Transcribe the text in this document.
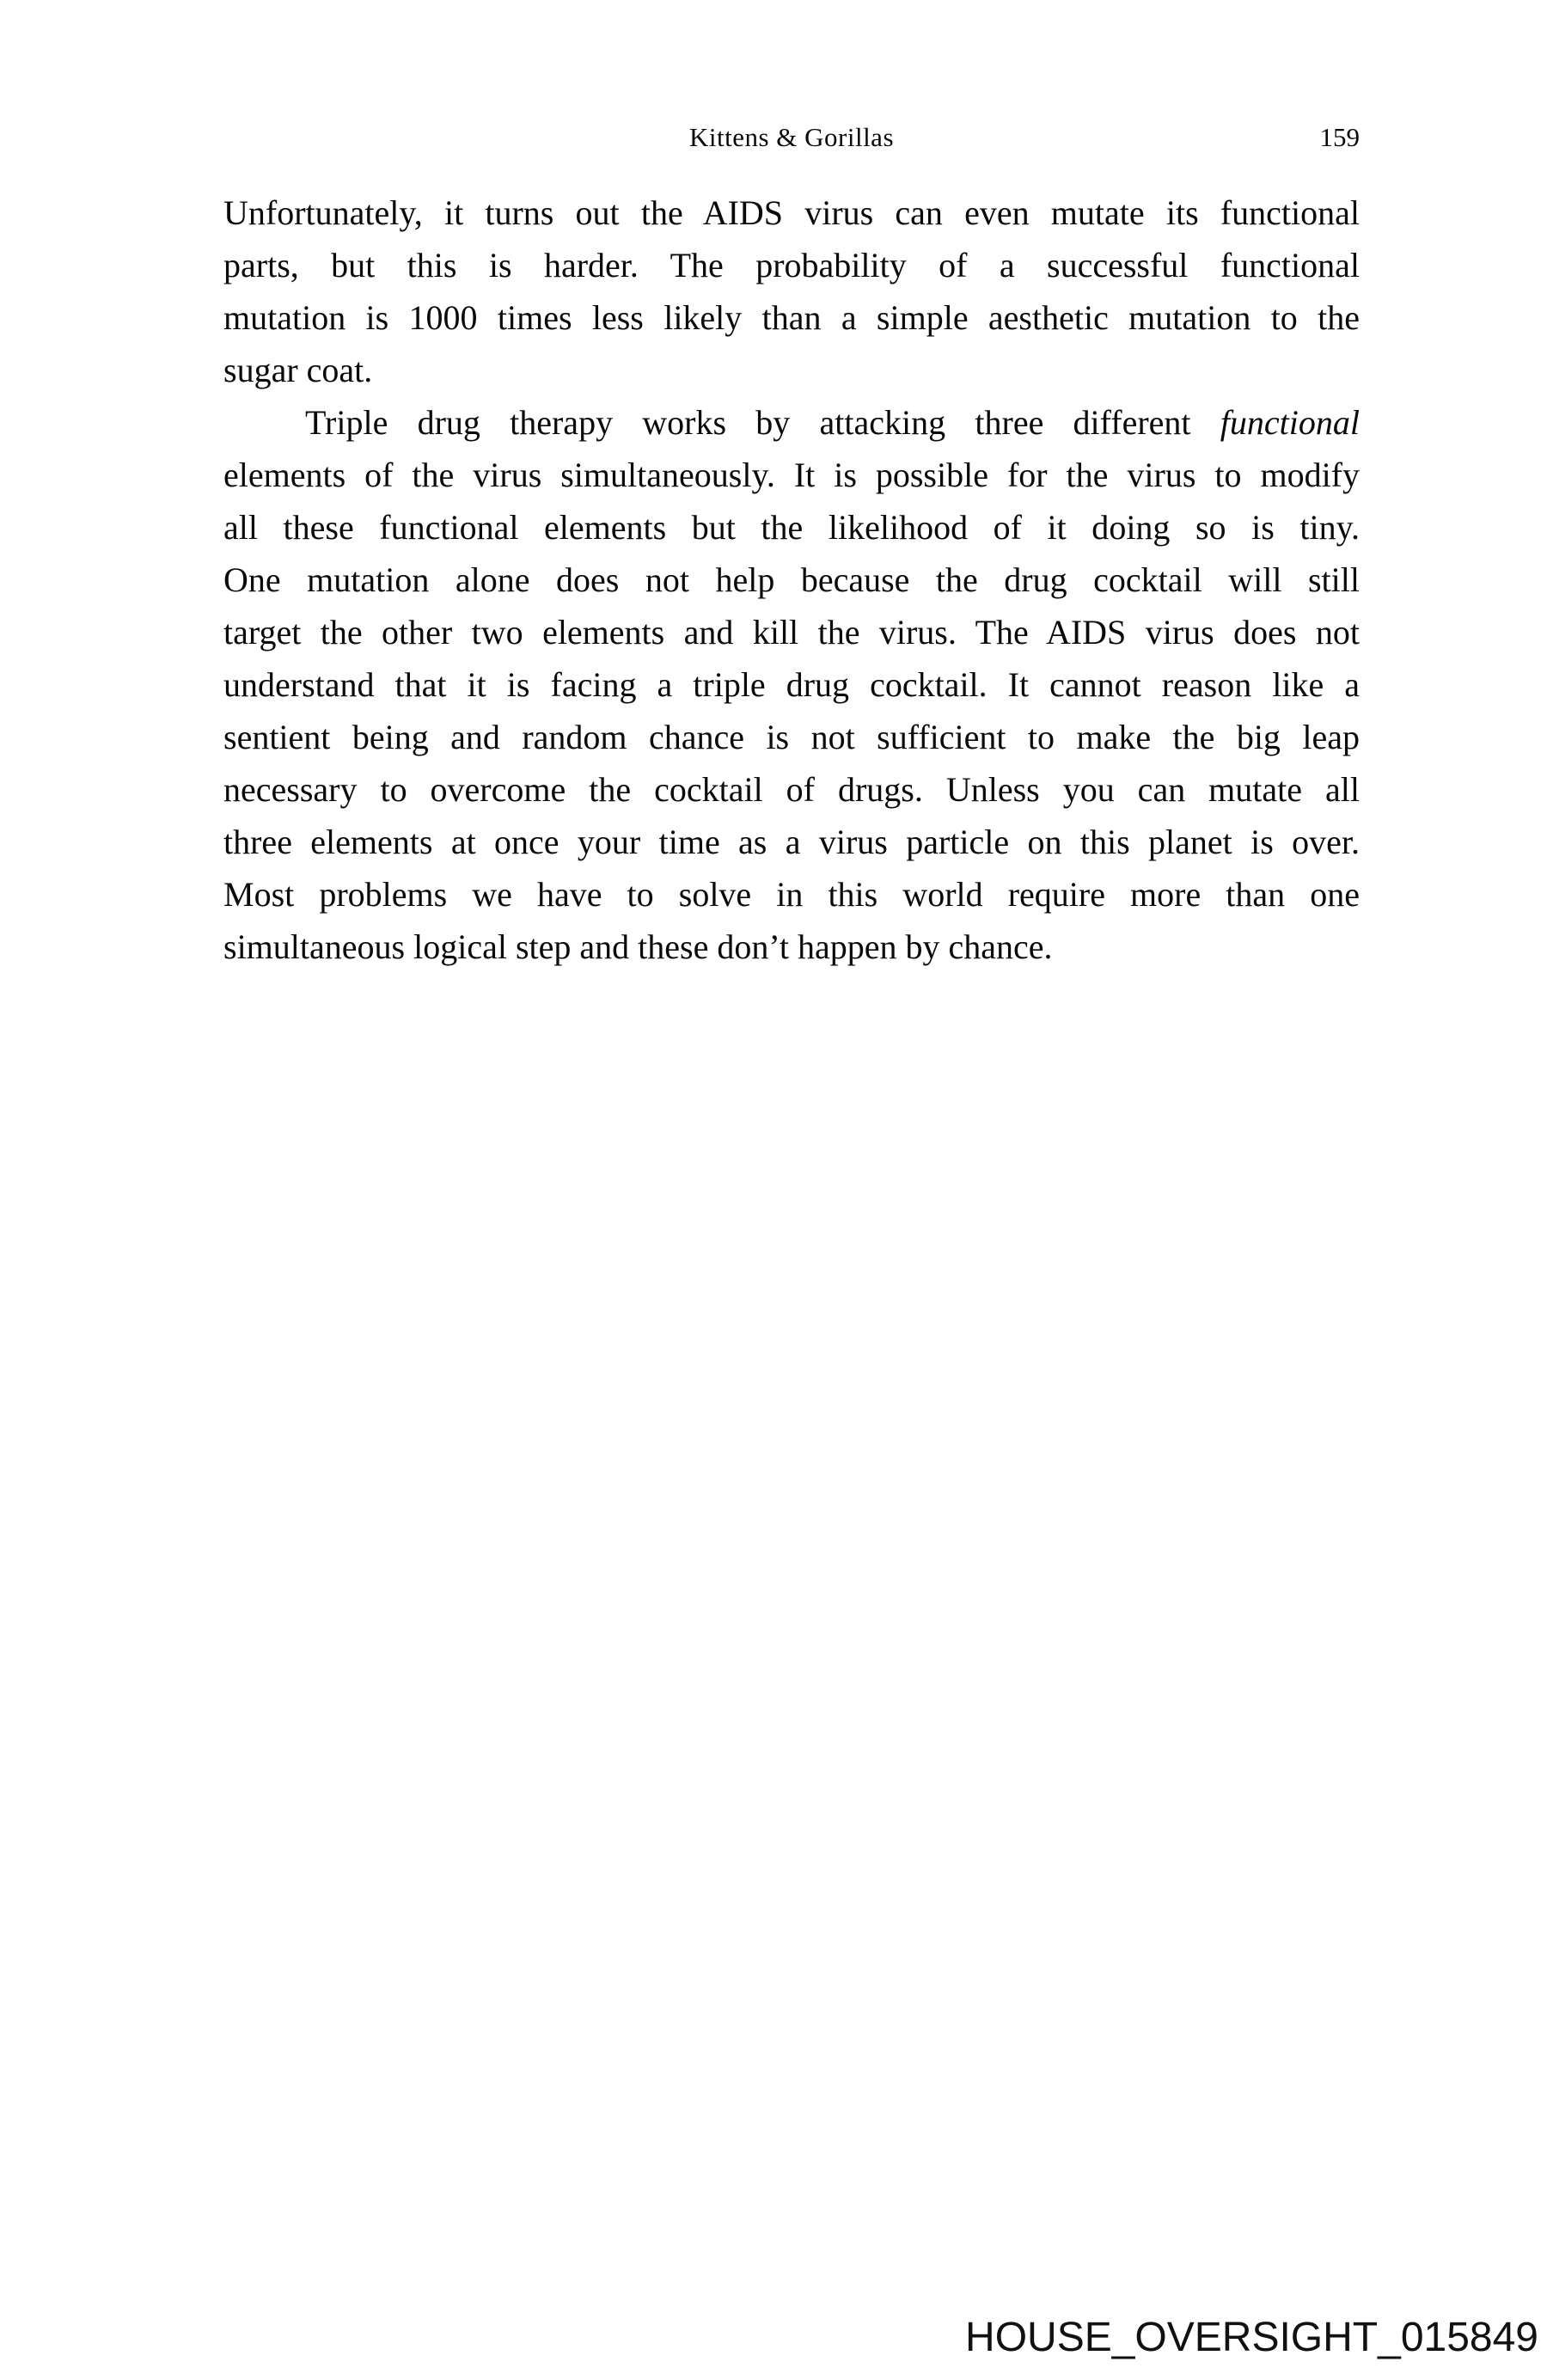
Kittens & Gorillas	159
Unfortunately, it turns out the AIDS virus can even mutate its functional
parts, but this is harder. The probability of a successful functional
mutation is 1000 times less likely than a simple aesthetic mutation to the
sugar coat.
Triple drug therapy works by attacking three different functional
elements of the virus simultaneously. It is possible for the virus to modify
all these functional elements but the likelihood of it doing so is tiny.
One mutation alone does not help because the drug cocktail will still
target the other two elements and kill the virus. The AIDS virus does not
understand that it is facing a triple drug cocktail. It cannot reason like a
sentient being and random chance is not sufficient to make the big leap
necessary to overcome the cocktail of drugs. Unless you can mutate all
three elements at once your time as a virus particle on this planet is over.
Most problems we have to solve in this world require more than one
simultaneous logical step and these don’t happen by chance.
HOUSE_OVERSIGHT_015849
